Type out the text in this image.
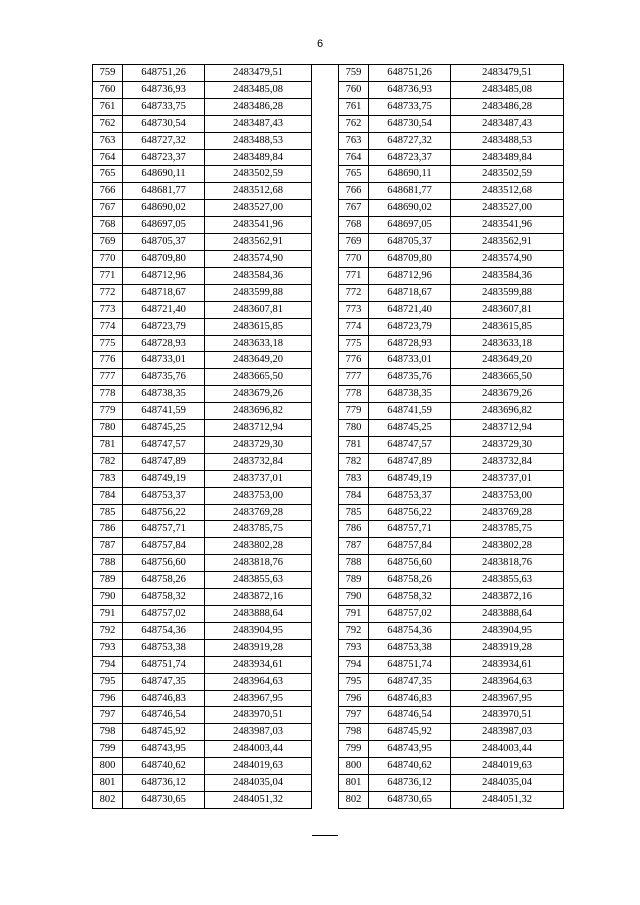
6
759	648751,26	2483479,51
760	648736,93	2483485,08
761	648733,75	2483486,28
762	648730,54	2483487,43
763	648727,32	2483488,53
764	648723,37	2483489,84
765	648690,11	2483502,59
766	648681,77	2483512,68
767	648690,02	2483527,00
768	648697,05	2483541,96
769	648705,37	2483562,91
770	648709,80	2483574,90
771	648712,96	2483584,36
772	648718,67	2483599,88
773	648721,40	2483607,81
774	648723,79	2483615,85
775	648728,93	2483633,18
776	648733,01	2483649,20
777	648735,76	2483665,50
778	648738,35	2483679,26
779	648741,59	2483696,82
780	648745,25	2483712,94
781	648747,57	2483729,30
782	648747,89	2483732,84
783	648749,19	2483737,01
784	648753,37	2483753,00
785	648756,22	2483769,28
786	648757,71	2483785,75
787	648757,84	2483802,28
788	648756,60	2483818,76
789	648758,26	2483855,63
790	648758,32	2483872,16
791	648757,02	2483888,64
792	648754,36	2483904,95
793	648753,38	2483919,28
794	648751,74	2483934,61
795	648747,35	2483964,63
796	648746,83	2483967,95
797	648746,54	2483970,51
798	648745,92	2483987,03
799	648743,95	2484003,44
800	648740,62	2484019,63
801	648736,12	2484035,04
802	648730,65	2484051,32
759	648751,26	2483479,51
760	648736,93	2483485,08
761	648733,75	2483486,28
762	648730,54	2483487,43
763	648727,32	2483488,53
764	648723,37	2483489,84
765	648690,11	2483502,59
766	648681,77	2483512,68
767	648690,02	2483527,00
768	648697,05	2483541,96
769	648705,37	2483562,91
770	648709,80	2483574,90
771	648712,96	2483584,36
772	648718,67	2483599,88
773	648721,40	2483607,81
774	648723,79	2483615,85
775	648728,93	2483633,18
776	648733,01	2483649,20
777	648735,76	2483665,50
778	648738,35	2483679,26
779	648741,59	2483696,82
780	648745,25	2483712,94
781	648747,57	2483729,30
782	648747,89	2483732,84
783	648749,19	2483737,01
784	648753,37	2483753,00
785	648756,22	2483769,28
786	648757,71	2483785,75
787	648757,84	2483802,28
788	648756,60	2483818,76
789	648758,26	2483855,63
790	648758,32	2483872,16
791	648757,02	2483888,64
792	648754,36	2483904,95
793	648753,38	2483919,28
794	648751,74	2483934,61
795	648747,35	2483964,63
796	648746,83	2483967,95
797	648746,54	2483970,51
798	648745,92	2483987,03
799	648743,95	2484003,44
800	648740,62	2484019,63
801	648736,12	2484035,04
802	648730,65	2484051,32
